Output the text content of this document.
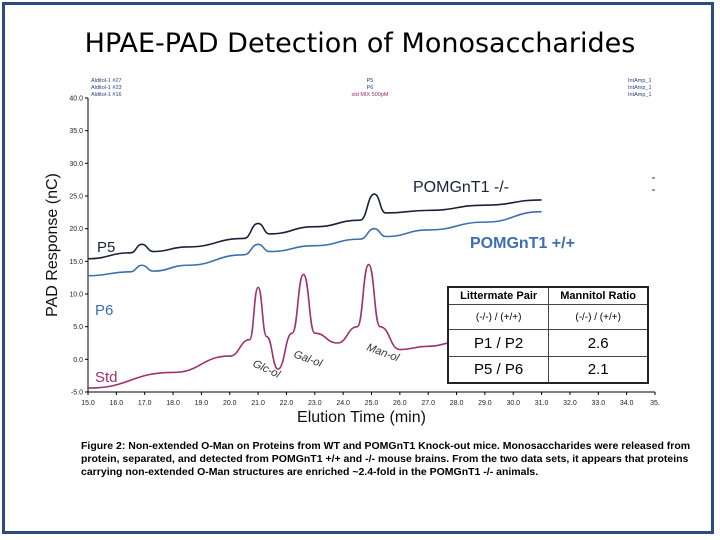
HPAE-PAD Detection of Monosaccharides
40.0
35.0
30.0
25.0
20.0
15.0
10.0
5.0
0.0
-5.0
15.0 16.0 17.0 18.0 19.0 20.0 21.0 22.0 23.0 24.0 25.0 26.0 27.0 28.0 29.0 30.0 31.0 32.0 33.0 34.0 35.
Elution Time (min)
PAD Response (nC)
Alditol-1 #27
Alditol-1 #23
Alditol-1 #16
P5
P6
std MIX 500pM
IntAmp_1
IntAmp_1
IntAmp_1
P5
P6
Std
POMGnT1 -/-
POMGnT1 +/+
Glc-ol Gal-ol	Man-ol
Littermate Pair	Mannitol Ratio
(-/-) / (+/+)	(-/-) / (+/+)
P1 / P2	2.6
P5 / P6	2.1
Figure 2: Non-extended O-Man on Proteins from WT and POMGnT1 Knock-out mice. Monosaccharides were released from protein, separated, and detected from POMGnT1 +/+ and -/- mouse brains. From the two data sets, it appears that proteins carrying non-extended O-Man structures are enriched ~2.4-fold in the POMGnT1 -/- animals.
